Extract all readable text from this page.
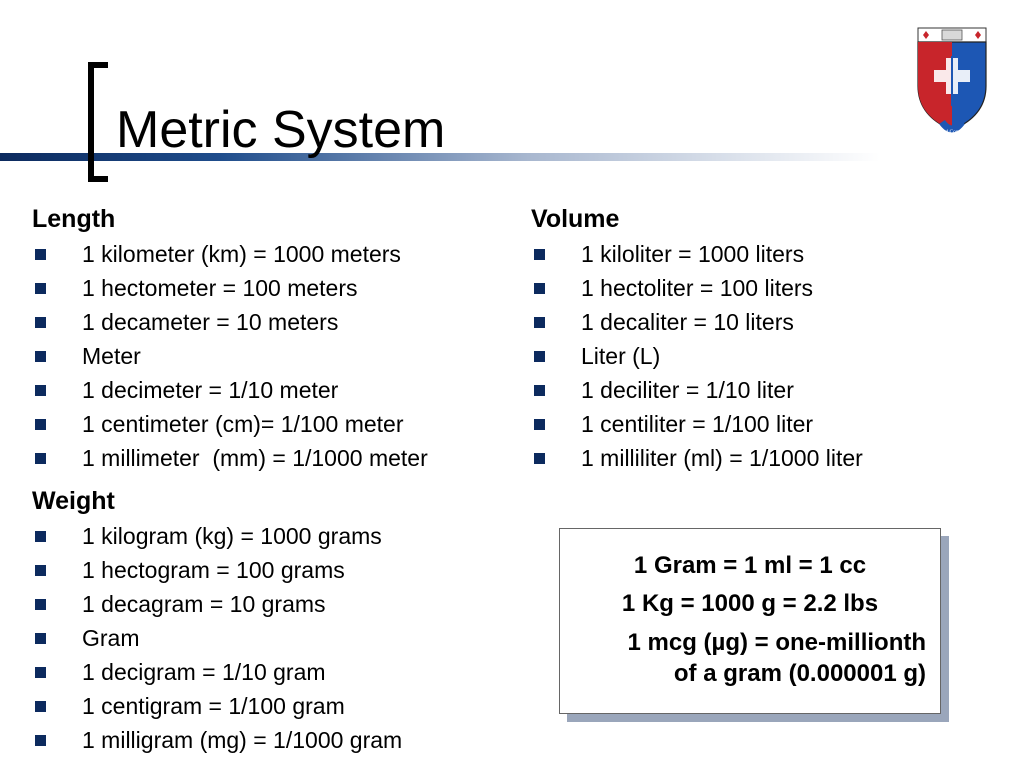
Metric System	Trust and Compassion
Length
1 kilometer (km) = 1000 meters
1 hectometer = 100 meters
1 decameter = 10 meters
Meter
1 decimeter = 1/10 meter
1 centimeter (cm)= 1/100 meter
1 millimeter  (mm) = 1/1000 meter
Volume
1 kiloliter = 1000 liters
1 hectoliter = 100 liters
1 decaliter = 10 liters
Liter (L)
1 deciliter = 1/10 liter
1 centiliter = 1/100 liter
1 milliliter (ml) = 1/1000 liter
Weight
1 kilogram (kg) = 1000 grams
1 hectogram = 100 grams
1 decagram = 10 grams
Gram
1 decigram = 1/10 gram
1 centigram = 1/100 gram
1 milligram (mg) = 1/1000 gram
1 Gram = 1 ml = 1 cc
1 Kg = 1000 g = 2.2 lbs
1 mcg (µg) = one-millionth
of a gram (0.000001 g)
